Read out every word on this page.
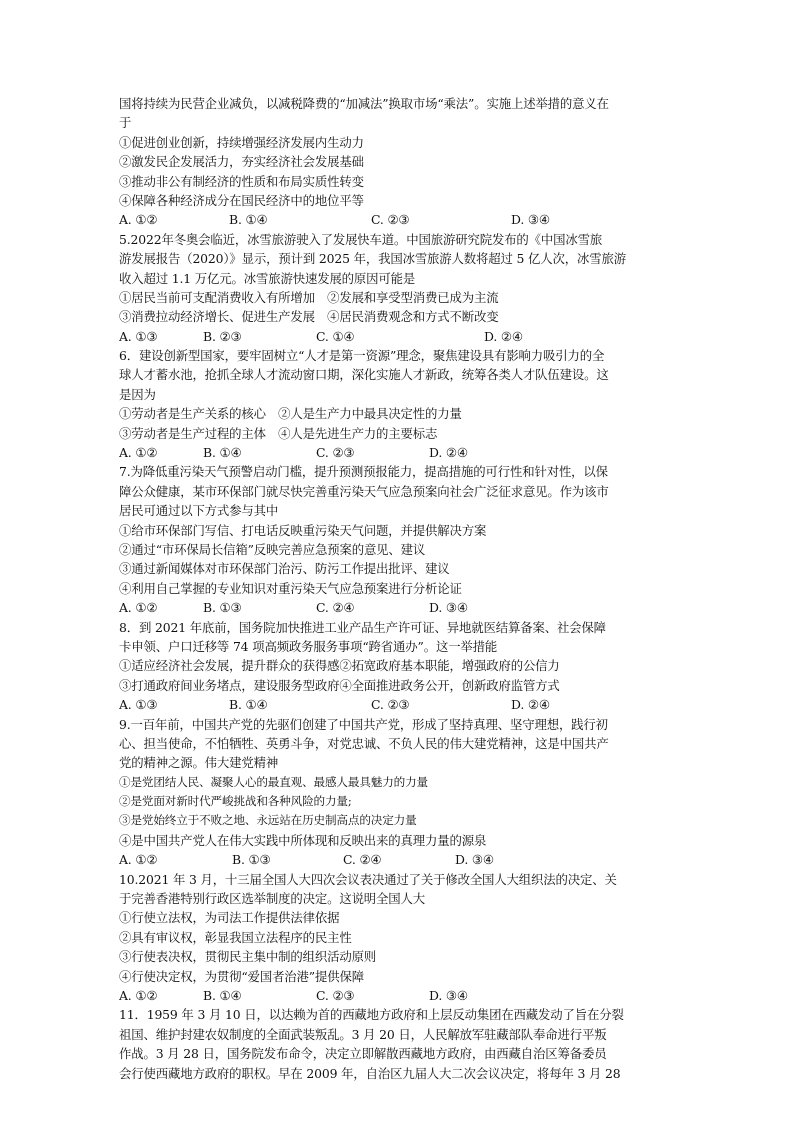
国将持续为民营企业减负，以减税降费的“加减法”换取市场“乘法”。实施上述举措的意义在
于
①促进创业创新，持续增强经济发展内生动力
②激发民企发展活力，夯实经济社会发展基础
③推动非公有制经济的性质和布局实质性转变
④保障各种经济成分在国民经济中的地位平等
A. ①②	B. ①④	C. ②③	D. ③④
5.2022年冬奥会临近，冰雪旅游驶入了发展快车道。中国旅游研究院发布的《中国冰雪旅
游发展报告（2020）》显示，预计到 2025 年，我国冰雪旅游人数将超过 5 亿人次，冰雪旅游
收入超过 1.1 万亿元。冰雪旅游快速发展的原因可能是
①居民当前可支配消费收入有所增加　②发展和享受型消费已成为主流
③消费拉动经济增长、促进生产发展　④居民消费观念和方式不断改变
A. ①③	B. ②③	C. ①④	D. ②④
6．建设创新型国家，要牢固树立“人才是第一资源”理念，聚焦建设具有影响力吸引力的全
球人才蓄水池，抢抓全球人才流动窗口期，深化实施人才新政，统筹各类人才队伍建设。这
是因为
①劳动者是生产关系的核心　②人是生产力中最具决定性的力量
③劳动者是生产过程的主体　④人是先进生产力的主要标志
A. ①②	B. ①④	C. ②③	D. ②④
7.为降低重污染天气预警启动门槛，提升预测预报能力，提高措施的可行性和针对性，以保
障公众健康，某市环保部门就尽快完善重污染天气应急预案向社会广泛征求意见。作为该市
居民可通过以下方式参与其中
①给市环保部门写信、打电话反映重污染天气问题，并提供解决方案
②通过“市环保局长信箱”反映完善应急预案的意见、建议
③通过新闻媒体对市环保部门治污、防污工作提出批评、建议
④利用自己掌握的专业知识对重污染天气应急预案进行分析论证
A. ①②	B. ①③	C. ②④	D. ③④
8．到 2021 年底前，国务院加快推进工业产品生产许可证、异地就医结算备案、社会保障
卡申领、户口迁移等 74 项高频政务服务事项“跨省通办”。这一举措能
①适应经济社会发展，提升群众的获得感②拓宽政府基本职能，增强政府的公信力
③打通政府间业务堵点，建设服务型政府④全面推进政务公开，创新政府监管方式
A. ①③	B. ①④	C. ②③	D. ②④
9.一百年前，中国共产党的先驱们创建了中国共产党，形成了坚持真理、坚守理想，践行初
心、担当使命，不怕牺牲、英勇斗争，对党忠诚、不负人民的伟大建党精神，这是中国共产
党的精神之源。伟大建党精神
①是党团结人民、凝聚人心的最直观、最感人最具魅力的力量
②是党面对新时代严峻挑战和各种风险的力量;
③是党始终立于不败之地、永远站在历史制高点的决定力量
④是中国共产党人在伟大实践中所体现和反映出来的真理力量的源泉
A. ①②	B. ①③	C. ②④	D. ③④
10.2021 年 3 月，十三届全国人大四次会议表决通过了关于修改全国人大组织法的决定、关
于完善香港特别行政区选举制度的决定。这说明全国人大
①行使立法权，为司法工作提供法律依据
②具有审议权，彰显我国立法程序的民主性
③行使表决权，贯彻民主集中制的组织活动原则
④行使决定权，为贯彻“爱国者治港”提供保障
A. ①②	B. ①④	C. ②③	D. ③④
11．1959 年 3 月 10 日，以达赖为首的西藏地方政府和上层反动集团在西藏发动了旨在分裂
祖国、维护封建农奴制度的全面武装叛乱。3 月 20 日，人民解放军驻藏部队奉命进行平叛
作战。3 月 28 日，国务院发布命令，决定立即解散西藏地方政府，由西藏自治区筹备委员
会行使西藏地方政府的职权。早在 2009 年，自治区九届人大二次会议决定，将每年 3 月 28
